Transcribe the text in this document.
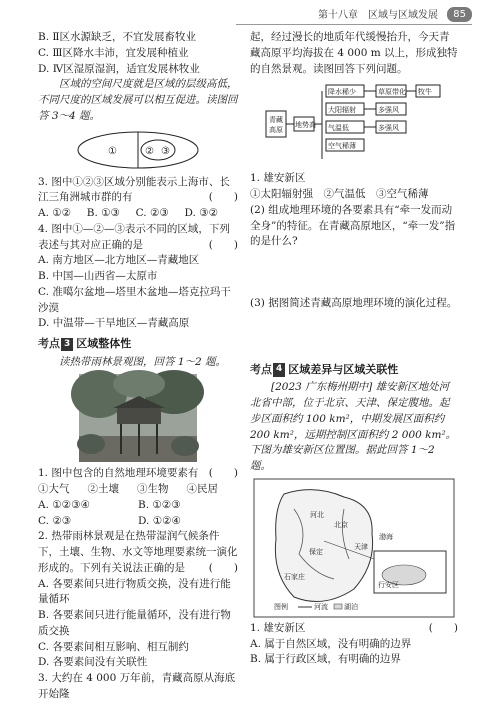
第十八章　区域与区域发展	85

B. Ⅱ区水源缺乏，不宜发展畜牧业

C. Ⅲ区降水丰沛，宜发展种植业

D. Ⅳ区湿原湿润，适宜发展林牧业

区域的空间尺度就是区域的层级高低，不同尺度的区域发展可以相互促进。读图回答 3～4 题。

①	② ③

3. 图中①②③区域分别能表示上海市、长江三角洲城市群的有	(　　)

A. ①② B. ①③ C. ②③ D. ③②

4. 图中①—②—③表示不同的区域，下列表述与其对应正确的是	(　　)

A. 南方地区—北方地区—青藏地区

B. 中国—山西省—太原市

C. 准噶尔盆地—塔里木盆地—塔克拉玛干沙漠

D. 中温带—干旱地区—青藏高原

考点 3 区域整体性

读热带雨林景观图，回答 1～2 题。

1. 图中包含的自然地理环境要素有 (　　)

①大气 ②土壤 ③生物 ④民居
A. ①②③④	B. ①②③
C. ②③	D. ①②④

2. 热带雨林景观是在热带湿润气候条件下，土壤、生物、水文等地理要素统一演化形成的。下列有关说法正确的是 (　　)

A. 各要素间只进行物质交换，没有进行能量循环

B. 各要素间只进行能量循环，没有进行物质交换

C. 各要素间相互影响、相互制约

D. 各要素间没有关联性

3. 大约在 4 000 万年前，青藏高原从海底开始隆

起，经过漫长的地质年代缓慢抬升，今天青藏高原平均海拔在 4 000 m 以上，形成独特的自然景观。读图回答下列问题。

青藏
高原
地势高
降水稀少
大阳辐射
气温低
空气稀薄
草原带化
多强风
多强风
牧牛

1. 雄安新区

①太阳辐射强　②气温低　③空气稀薄

(2) 组成地理环境的各要素具有“牵一发而动全身”的特征。在青藏高原地区，“牵一发”指的是什么?

(3) 据图简述青藏高原地理环境的演化过程。

考点 4 区域差异与区域关联性

[2023 广东梅州期中] 雄安新区地处河北省中部，位于北京、天津、保定腹地。起步区面积约 100 km²，中期发展区面积约 200 km²，远期控制区面积约 2 000 km²。下图为雄安新区位置图。据此回答 1～2 题。

河北
北京
天津
保定
石家庄
渤海
行安区
图例	河流 湖泊

1. 雄安新区	(　　)

A. 属于自然区域，没有明确的边界

B. 属于行政区域，有明确的边界
